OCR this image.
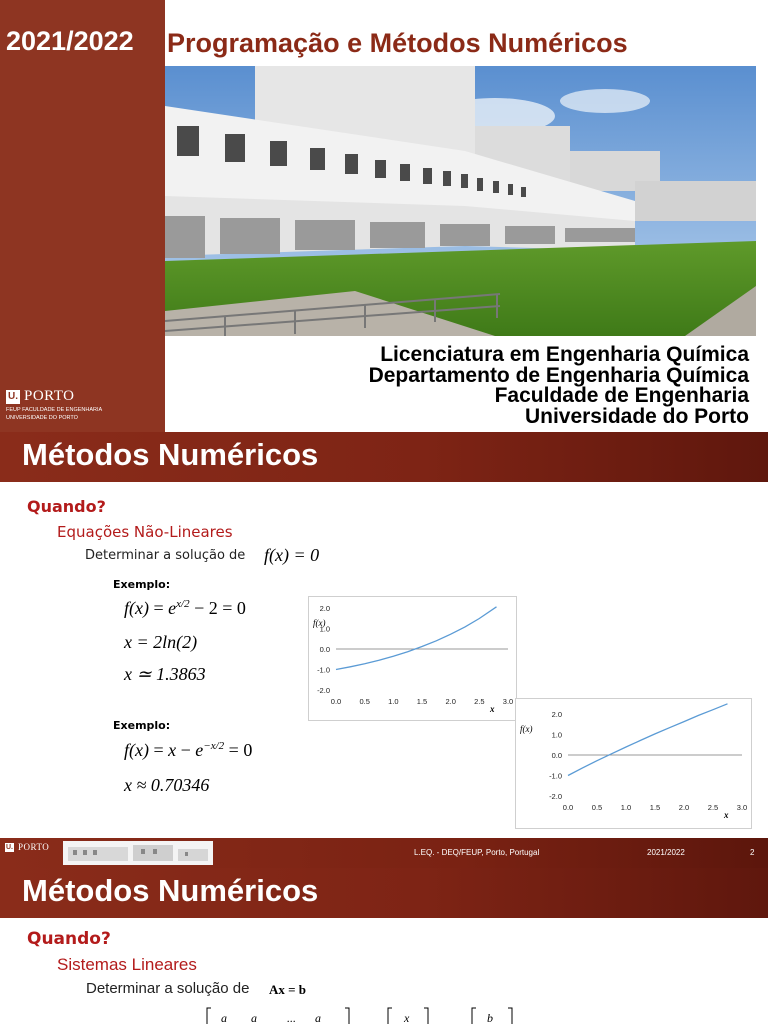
2021/2022
U. PORTO
FEUP FACULDADE DE ENGENHARIA
UNIVERSIDADE DO PORTO
Programação e Métodos Numéricos
Licenciatura em Engenharia Química
Departamento de Engenharia Química
Faculdade de Engenharia
Universidade do Porto
Métodos Numéricos
Quando?
Equações Não-Lineares
Determinar a solução de f(x) = 0
Exemplo:
$f(x) = e^{x/2} - 2 = 0$
x = 2ln(2)
x ≃ 1.3863
2.0
1.0
0.0
-1.0
-2.0
0.0 0.5 1.0 1.5 2.0 2.5 3.0
f(x)
x
Exemplo:
$f(x) = x - e^{-x/2} = 0$
x ≈ 0.70346
2.0
1.0
0.0
-1.0
-2.0
0.0 0.5 1.0 1.5 2.0 2.5 3.0
f(x)
x
U. PORTO
L.EQ. - DEQ/FEUP, Porto, Portugal	2021/2022	2
Métodos Numéricos
Quando?
Sistemas Lineares
Determinar a solução de Ax = b
a a	... a	x	b
